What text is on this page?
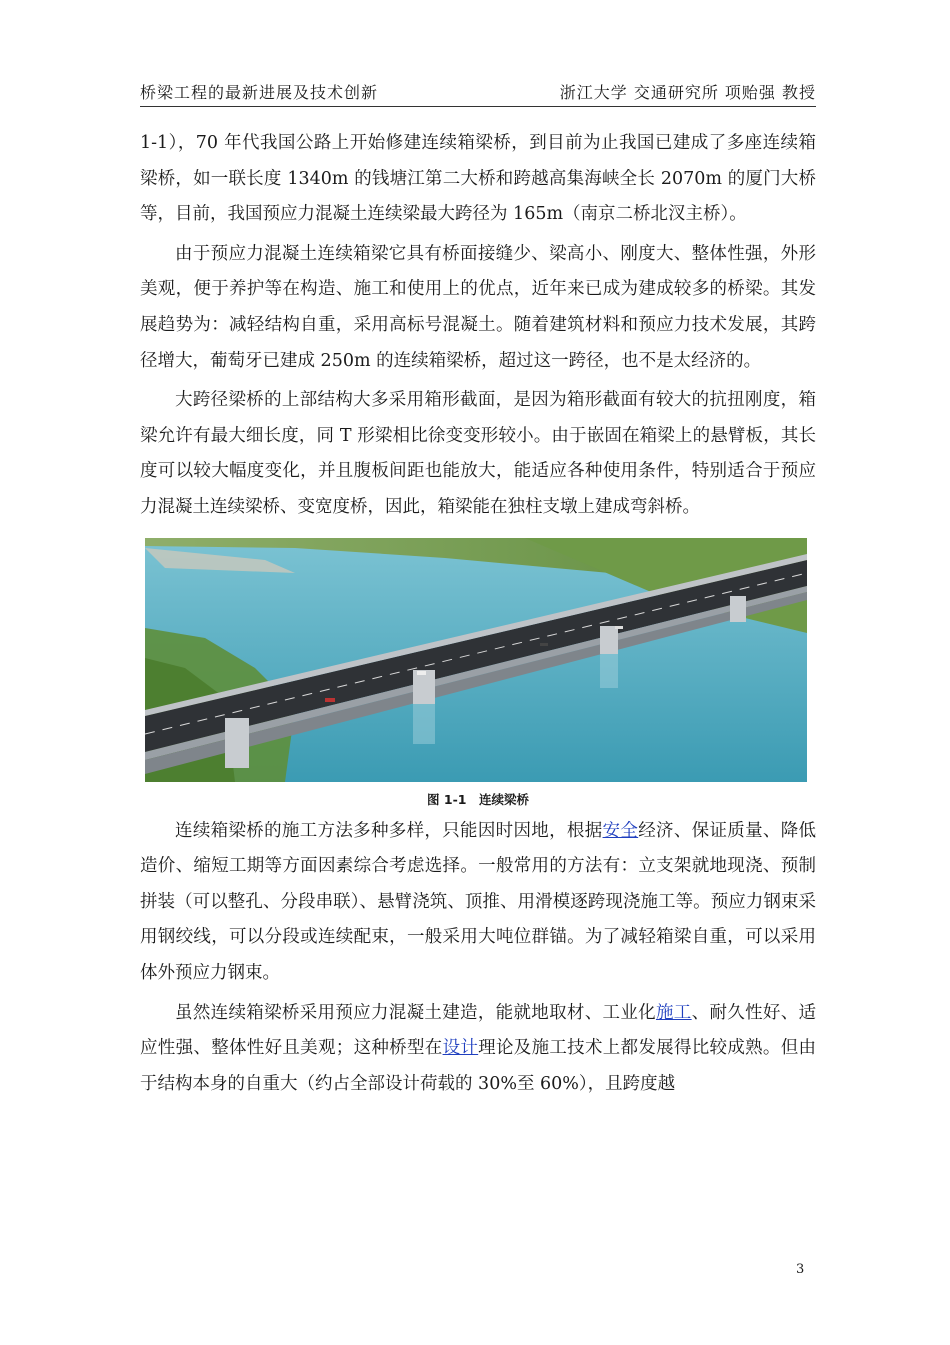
桥梁工程的最新进展及技术创新	浙江大学 交通研究所 项贻强 教授

1-1），70 年代我国公路上开始修建连续箱梁桥，到目前为止我国已建成了多座连续箱梁桥，如一联长度 1340m 的钱塘江第二大桥和跨越高集海峡全长 2070m 的厦门大桥等，目前，我国预应力混凝土连续梁最大跨径为 165m（南京二桥北汊主桥）。

由于预应力混凝土连续箱梁它具有桥面接缝少、梁高小、刚度大、整体性强，外形美观，便于养护等在构造、施工和使用上的优点，近年来已成为建成较多的桥梁。其发展趋势为：减轻结构自重，采用高标号混凝土。随着建筑材料和预应力技术发展，其跨径增大，葡萄牙已建成 250m 的连续箱梁桥，超过这一跨径，也不是太经济的。

大跨径梁桥的上部结构大多采用箱形截面，是因为箱形截面有较大的抗扭刚度，箱梁允许有最大细长度，同 T 形梁相比徐变变形较小。由于嵌固在箱梁上的悬臂板，其长度可以较大幅度变化，并且腹板间距也能放大，能适应各种使用条件，特别适合于预应力混凝土连续梁桥、变宽度桥，因此，箱梁能在独柱支墩上建成弯斜桥。

图 1-1　连续梁桥

连续箱梁桥的施工方法多种多样，只能因时因地，根据安全经济、保证质量、降低造价、缩短工期等方面因素综合考虑选择。一般常用的方法有：立支架就地现浇、预制拼装（可以整孔、分段串联）、悬臂浇筑、顶推、用滑模逐跨现浇施工等。预应力钢束采用钢绞线，可以分段或连续配束，一般采用大吨位群锚。为了减轻箱梁自重，可以采用体外预应力钢束。

虽然连续箱梁桥采用预应力混凝土建造，能就地取材、工业化施工、耐久性好、适应性强、整体性好且美观；这种桥型在设计理论及施工技术上都发展得比较成熟。但由于结构本身的自重大（约占全部设计荷载的 30%至 60%），且跨度越

3
